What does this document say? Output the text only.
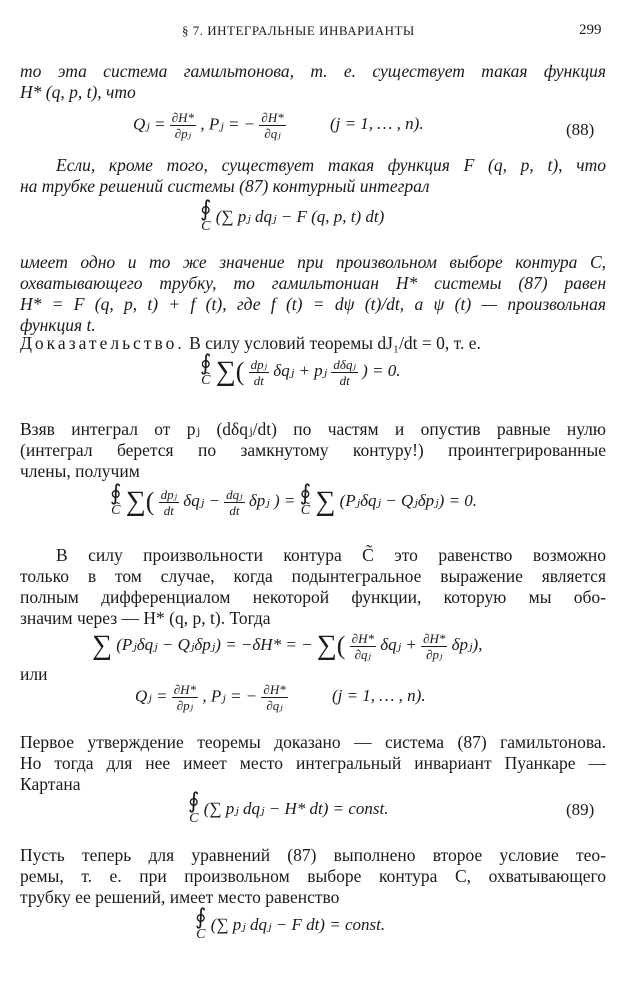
§ 7. ИНТЕГРАЛЬНЫЕ ИНВАРИАНТЫ	299
то эта система гамильтонова, т. е. существует такая функция
H* (q, p, t), что
Qⱼ = $\frac{\partial H*}{\text{∂pⱼ}}$ , Pⱼ = − $\frac{\partial H*}{\text{∂qⱼ}}$	(j = 1, … , n).	(88)
Если, кроме того, существует такая функция F (q, p, t), что
на трубке решений системы (87) контурный интеграл
∮
C
(∑ pⱼ dqⱼ − F (q, p, t) dt)
имеет одно и то же значение при произвольном выборе контура C,
охватывающего трубку, то гамильтониан H* системы (87) равен
H* = F (q, p, t) + f (t), где f (t) = dψ (t)/dt, а ψ (t) — произвольная
функция t.
Доказательство. В силу условий теоремы dJ₁/dt = 0, т. е.
∮
C̃ ∑( dpⱼ
dt
δqⱼ + pⱼ dδqⱼ
dt
) = 0.
Взяв интеграл от pⱼ (dδqⱼ/dt) по частям и опустив равные нулю
(интеграл берется по замкнутому контуру!) проинтегрированные
члены, получим
∮
C̃ ∑( dpⱼ
dt
δqⱼ − dqⱼ
dt
δpⱼ ) = ∮
C̃ ∑ (Pⱼδqⱼ − Qⱼδpⱼ) = 0.
В силу произвольности контура C̃ это равенство возможно
только в том случае, когда подынтегральное выражение является
полным дифференциалом некоторой функции, которую мы обо-
значим через — H* (q, p, t). Тогда
∑ (Pⱼδqⱼ − Qⱼδpⱼ) = −δH* = − ∑( $\frac{\partial H*}{\text{∂qⱼ}}$ δqⱼ + $\frac{\partial H*}{\text{∂pⱼ}}$ δpⱼ),
или
Qⱼ = $\frac{\partial H*}{\text{∂pⱼ}}$ , Pⱼ = − $\frac{\partial H*}{\text{∂qⱼ}}$	(j = 1, … , n).
Первое утверждение теоремы доказано — система (87) гамильтонова.
Но тогда для нее имеет место интегральный инвариант Пуанкаре —
Картана
∮
C
(∑ pⱼ dqⱼ − H* dt) = const.	(89)
Пусть теперь для уравнений (87) выполнено второе условие тео-
ремы, т. е. при произвольном выборе контура C, охватывающего
трубку ее решений, имеет место равенство
∮
C
(∑ pⱼ dqⱼ − F dt) = const.
